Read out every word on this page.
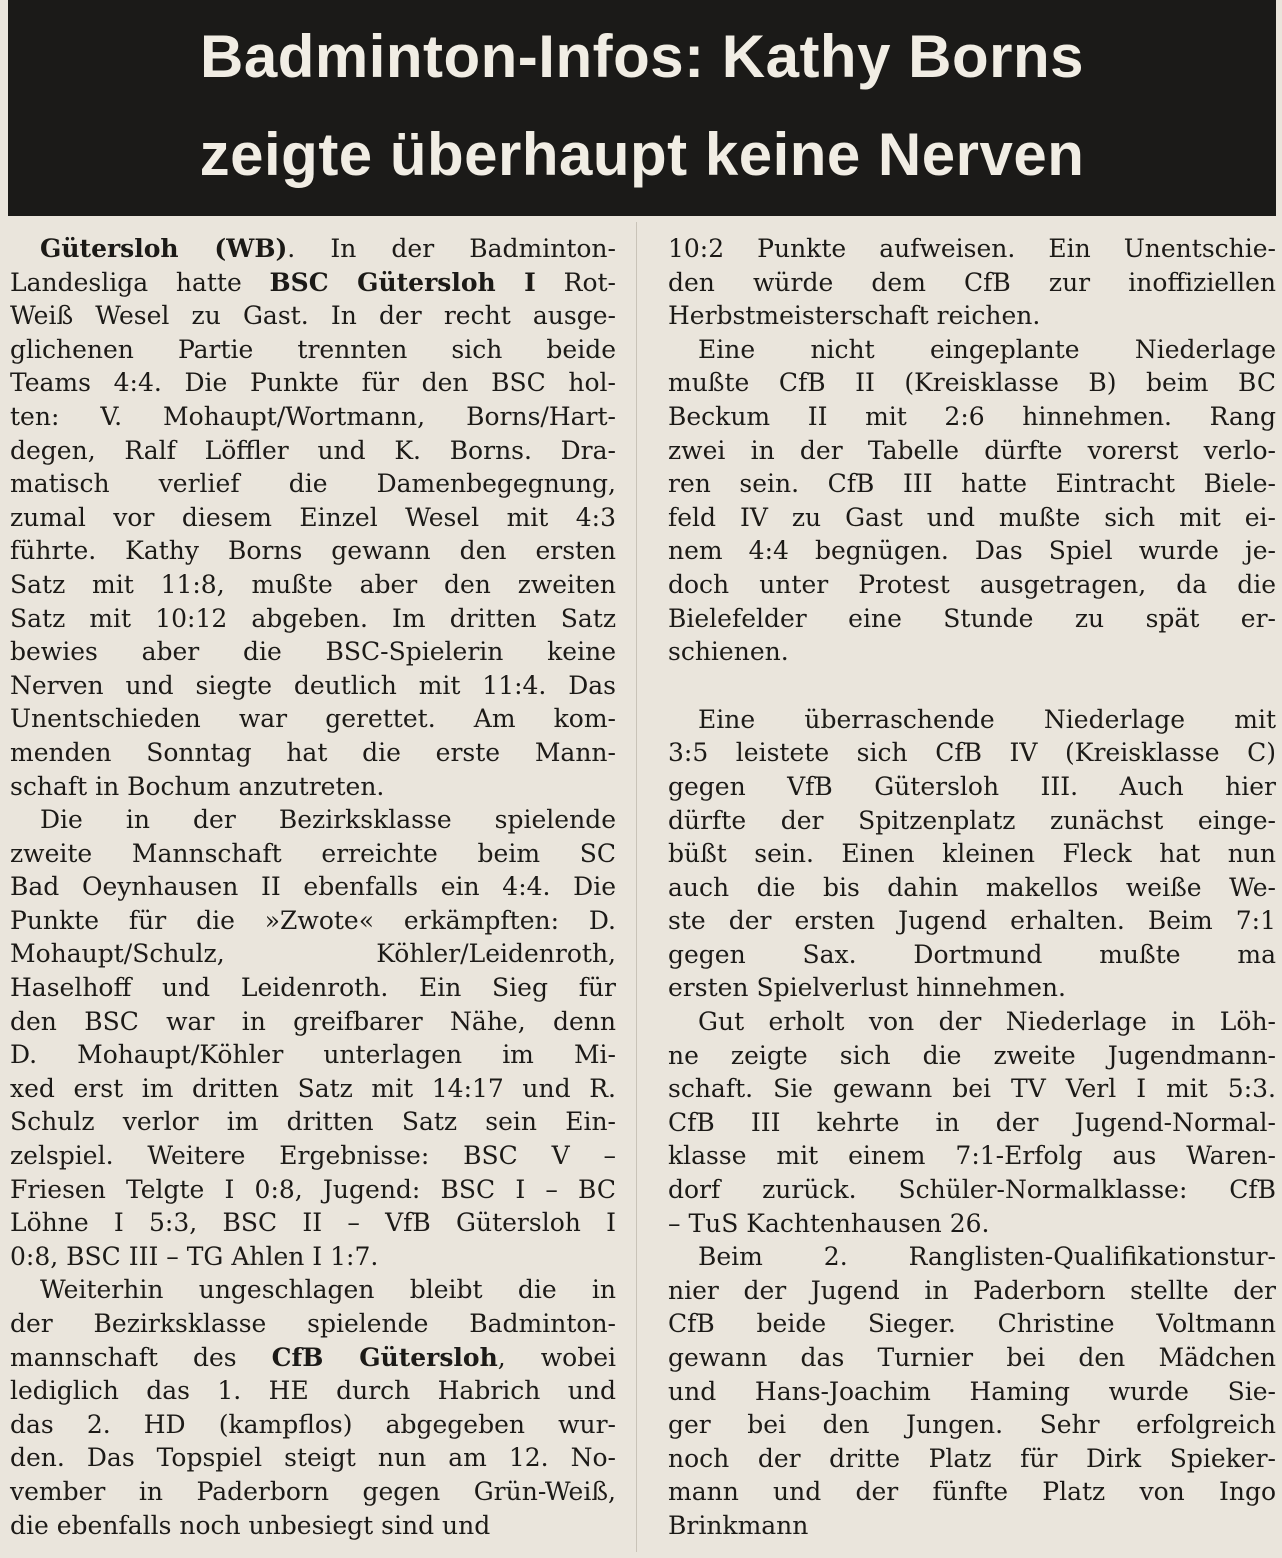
Badminton-Infos: Kathy Borns
zeigte überhaupt keine Nerven
Gütersloh (WB). In der Badminton-
Landesliga hatte BSC Gütersloh I Rot-
Weiß Wesel zu Gast. In der recht ausge-
glichenen Partie trennten sich beide
Teams 4:4. Die Punkte für den BSC hol-
ten: V. Mohaupt/Wortmann, Borns/Hart-
degen, Ralf Löffler und K. Borns. Dra-
matisch verlief die Damenbegegnung,
zumal vor diesem Einzel Wesel mit 4:3
führte. Kathy Borns gewann den ersten
Satz mit 11:8, mußte aber den zweiten
Satz mit 10:12 abgeben. Im dritten Satz
bewies aber die BSC-Spielerin keine
Nerven und siegte deutlich mit 11:4. Das
Unentschieden war gerettet. Am kom-
menden Sonntag hat die erste Mann-
schaft in Bochum anzutreten.
Die in der Bezirksklasse spielende
zweite Mannschaft erreichte beim SC
Bad Oeynhausen II ebenfalls ein 4:4. Die
Punkte für die »Zwote« erkämpften: D.
Mohaupt/Schulz, Köhler/Leidenroth,
Haselhoff und Leidenroth. Ein Sieg für
den BSC war in greifbarer Nähe, denn
D. Mohaupt/Köhler unterlagen im Mi-
xed erst im dritten Satz mit 14:17 und R.
Schulz verlor im dritten Satz sein Ein-
zelspiel. Weitere Ergebnisse: BSC V –
Friesen Telgte I 0:8, Jugend: BSC I – BC
Löhne I 5:3, BSC II – VfB Gütersloh I
0:8, BSC III – TG Ahlen I 1:7.
Weiterhin ungeschlagen bleibt die in
der Bezirksklasse spielende Badminton-
mannschaft des CfB Gütersloh, wobei
lediglich das 1. HE durch Habrich und
das 2. HD (kampflos) abgegeben wur-
den. Das Topspiel steigt nun am 12. No-
vember in Paderborn gegen Grün-Weiß,
die ebenfalls noch unbesiegt sind und
10:2 Punkte aufweisen. Ein Unentschie-
den würde dem CfB zur inoffiziellen
Herbstmeisterschaft reichen.
Eine nicht eingeplante Niederlage
mußte CfB II (Kreisklasse B) beim BC
Beckum II mit 2:6 hinnehmen. Rang
zwei in der Tabelle dürfte vorerst verlo-
ren sein. CfB III hatte Eintracht Biele-
feld IV zu Gast und mußte sich mit ei-
nem 4:4 begnügen. Das Spiel wurde je-
doch unter Protest ausgetragen, da die
Bielefelder eine Stunde zu spät er-
schienen.
Eine überraschende Niederlage mit
3:5 leistete sich CfB IV (Kreisklasse C)
gegen VfB Gütersloh III. Auch hier
dürfte der Spitzenplatz zunächst einge-
büßt sein. Einen kleinen Fleck hat nun
auch die bis dahin makellos weiße We-
ste der ersten Jugend erhalten. Beim 7:1
gegen Sax. Dortmund mußte ma
ersten Spielverlust hinnehmen.
Gut erholt von der Niederlage in Löh-
ne zeigte sich die zweite Jugendmann-
schaft. Sie gewann bei TV Verl I mit 5:3.
CfB III kehrte in der Jugend-Normal-
klasse mit einem 7:1-Erfolg aus Waren-
dorf zurück. Schüler-Normalklasse: CfB
– TuS Kachtenhausen 26.
Beim 2. Ranglisten-Qualifikationstur-
nier der Jugend in Paderborn stellte der
CfB beide Sieger. Christine Voltmann
gewann das Turnier bei den Mädchen
und Hans-Joachim Haming wurde Sie-
ger bei den Jungen. Sehr erfolgreich
noch der dritte Platz für Dirk Spieker-
mann und der fünfte Platz von Ingo
Brinkmann
